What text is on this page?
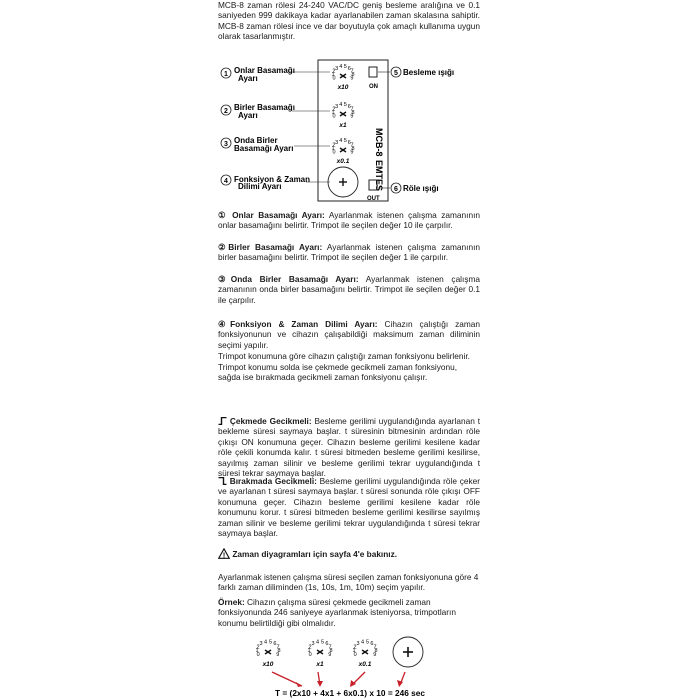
MCB-8 zaman rölesi 24-240 VAC/DC geniş besleme aralığına ve 0.1 saniyeden 999 dakikaya kadar ayarlanabilen zaman skalasına sahiptir. MCB-8 zaman rölesi ince ve dar boyutuyla çok amaçlı kullanıma uygun olarak tasarlanmıştır.

0
1
2 3 4 5 6 7
8
9
x10
0
1
2 3 4 5 6 7
8
9
x1
0
1
2 3 4 5 6 7
8
9
x0.1
1 Onlar Basamağı
Ayarı
2 Birler Basamağı
Ayarı
3 Onda Birler
Basamağı Ayarı
4 Fonksiyon & Zaman
Dilimi Ayarı
ON
5 Besleme ışığı
MCB-8
EMTES
OUT
6 Röle ışığı

① Onlar Basamağı Ayarı: Ayarlanmak istenen çalışma zamanının onlar basamağını belirtir. Trimpot ile seçilen değer 10 ile çarpılır.

②Birler Basamağı Ayarı: Ayarlanmak istenen çalışma zamanının birler basamağını belirtir. Trimpot ile seçilen değer 1 ile çarpılır.

③Onda Birler Basamağı Ayarı: Ayarlanmak istenen çalışma zamanının onda birler basamağını belirtir. Trimpot ile seçilen değer 0.1 ile çarpılır.

④Fonksiyon & Zaman Dilimi Ayarı: Cihazın çalıştığı zaman fonksiyonunun ve cihazın çalışabildiği maksimum zaman diliminin seçimi yapılır.

Trimpot konumuna göre cihazın çalıştığı zaman fonksiyonu belirlenir. Trimpot konumu solda ise çekmede gecikmeli zaman fonksiyonu, sağda ise bırakmada gecikmeli zaman fonksiyonu çalışır.

Çekmede Gecikmeli: Besleme gerilimi uygulandığında ayarlanan t bekleme süresi saymaya başlar. t süresinin bitmesinin ardından röle çıkışı ON konumuna geçer. Cihazın besleme gerilimi kesilene kadar röle çekili konumda kalır. t süresi bitmeden besleme gerilimi kesilirse, sayılmış zaman silinir ve besleme gerilimi tekrar uygulandığında t süresi tekrar saymaya başlar.

Bırakmada Gecikmeli: Besleme gerilimi uygulandığında röle çeker ve ayarlanan t süresi saymaya başlar. t süresi sonunda röle çıkışı OFF konumuna geçer. Cihazın besleme gerilimi kesilene kadar röle konumunu korur. t süresi bitmeden besleme gerilimi kesilirse sayılmış zaman silinir ve besleme gerilimi tekrar uygulandığında t süresi tekrar saymaya başlar.

! Zaman diyagramları için sayfa 4'e bakınız.

Ayarlanmak istenen çalışma süresi seçilen zaman fonksiyonuna göre 4 farklı zaman diliminden (1s, 10s, 1m, 10m) seçim yapılır.

Örnek: Cihazın çalışma süresi çekmede gecikmeli zaman fonksiyonunda 246 saniyeye ayarlanmak isteniyorsa, trimpotların konumu belirtildiği gibi olmalıdır.

0
1
2
3 4 5 6
7
8
9
x10
0
1
2
3 4 5 6
7
8
9
x1
0
1
2
3 4 5 6
7
8
9
x0.1
T = (2x10 + 4x1 + 6x0.1) x 10 = 246 sec
